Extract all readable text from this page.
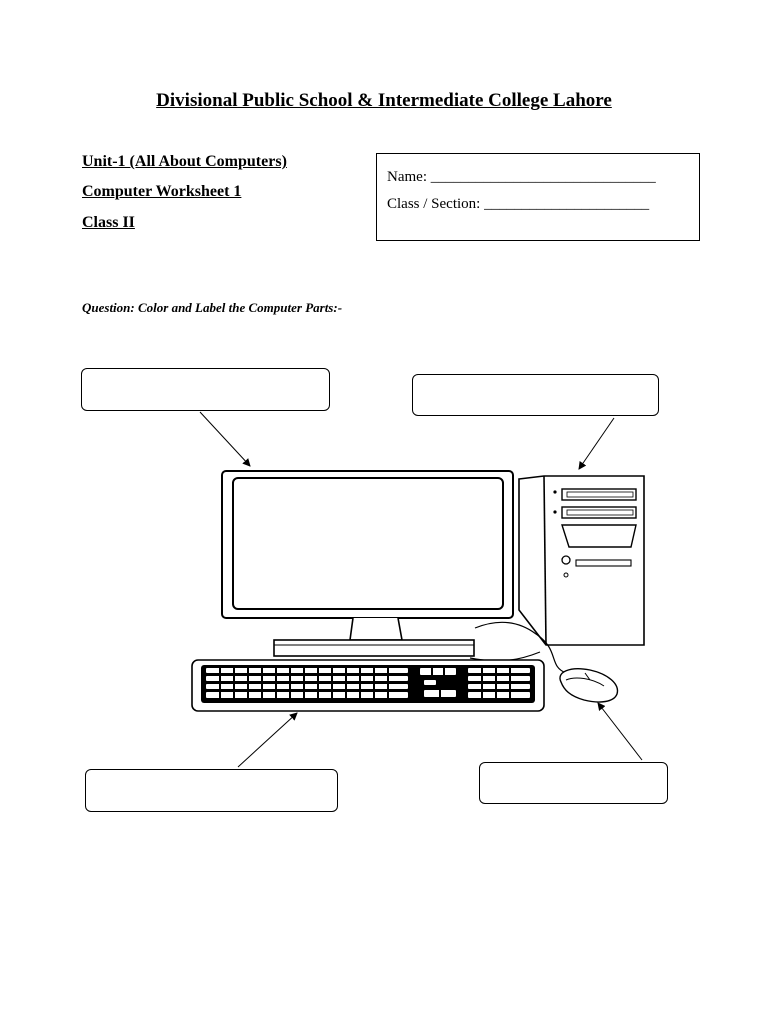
Divisional Public School & Intermediate College Lahore
Unit-1 (All About Computers)
Computer Worksheet 1
Class II
Name: ______________________________
Class / Section: ______________________
Question: Color and Label the Computer Parts:-
